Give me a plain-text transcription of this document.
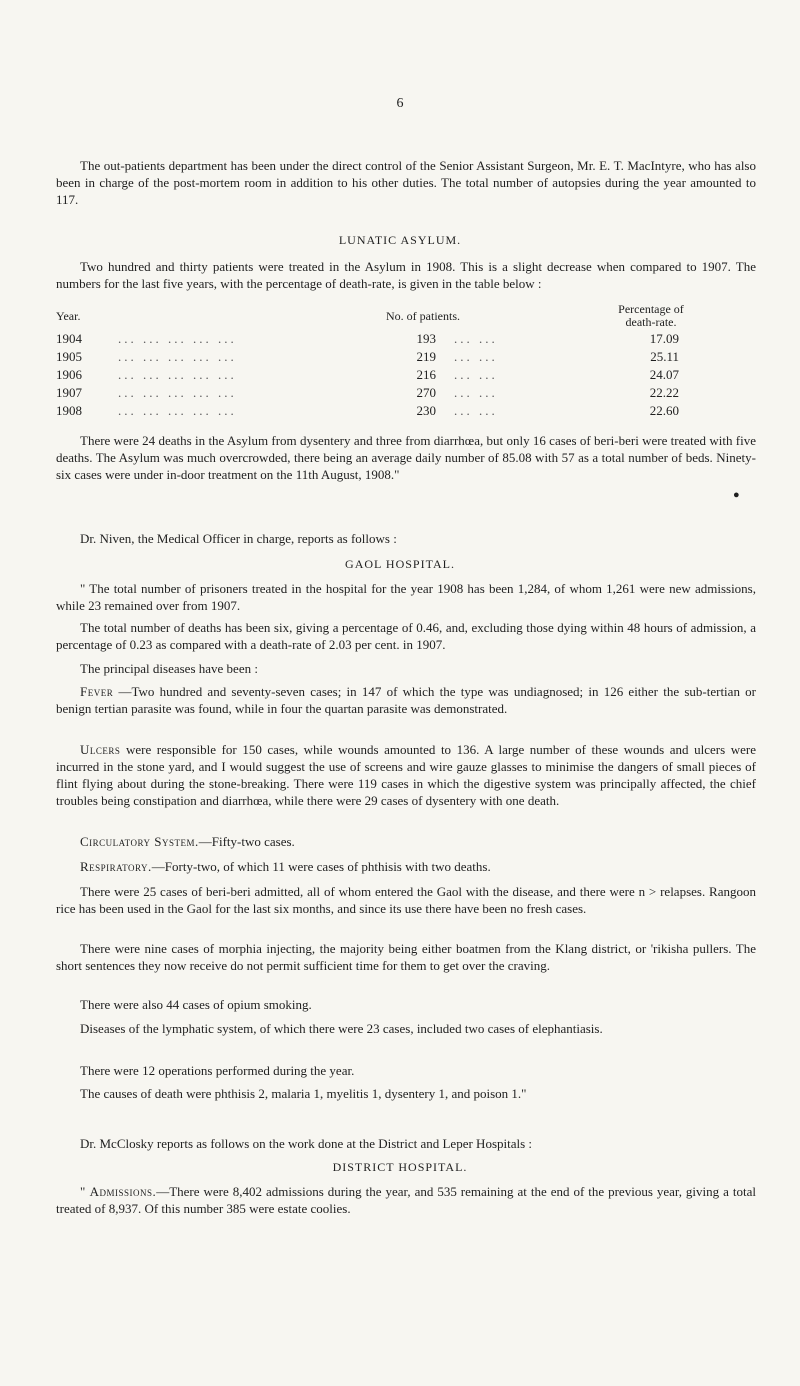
6
The out-patients department has been under the direct control of the Senior Assistant Surgeon, Mr. E. T. MacIntyre, who has also been in charge of the post-mortem room in addition to his other duties. The total number of autopsies during the year amounted to 117.
LUNATIC ASYLUM.
Two hundred and thirty patients were treated in the Asylum in 1908. This is a slight decrease when compared to 1907. The numbers for the last five years, with the percentage of death-rate, is given in the table below :
Year.	No. of patients.	Percentage of
death-rate.
1904	... ... ... ... ...	193 ... ...	17.09
1905	... ... ... ... ...	219 ... ...	25.11
1906	... ... ... ... ...	216 ... ...	24.07
1907	... ... ... ... ...	270 ... ...	22.22
1908	... ... ... ... ...	230 ... ...	22.60
There were 24 deaths in the Asylum from dysentery and three from diarrhœa, but only 16 cases of beri-beri were treated with five deaths. The Asylum was much overcrowded, there being an average daily number of 85.08 with 57 as a total number of beds. Ninety-six cases were under in-door treatment on the 11th August, 1908."
Dr. Niven, the Medical Officer in charge, reports as follows :
●
GAOL HOSPITAL.
" The total number of prisoners treated in the hospital for the year 1908 has been 1,284, of whom 1,261 were new admissions, while 23 remained over from 1907.
The total number of deaths has been six, giving a percentage of 0.46, and, excluding those dying within 48 hours of admission, a percentage of 0.23 as compared with a death-rate of 2.03 per cent. in 1907.
The principal diseases have been :
Fever —Two hundred and seventy-seven cases; in 147 of which the type was undiagnosed; in 126 either the sub-tertian or benign tertian parasite was found, while in four the quartan parasite was demonstrated.
Ulcers were responsible for 150 cases, while wounds amounted to 136. A large number of these wounds and ulcers were incurred in the stone yard, and I would suggest the use of screens and wire gauze glasses to minimise the dangers of small pieces of flint flying about during the stone-breaking. There were 119 cases in which the digestive system was principally affected, the chief troubles being constipation and diarrhœa, while there were 29 cases of dysentery with one death.
Circulatory System.—Fifty-two cases.
Respiratory.—Forty-two, of which 11 were cases of phthisis with two deaths.
There were 25 cases of beri-beri admitted, all of whom entered the Gaol with the disease, and there were n > relapses. Rangoon rice has been used in the Gaol for the last six months, and since its use there have been no fresh cases.
There were nine cases of morphia injecting, the majority being either boatmen from the Klang district, or 'rikisha pullers. The short sentences they now receive do not permit sufficient time for them to get over the craving.
There were also 44 cases of opium smoking.
Diseases of the lymphatic system, of which there were 23 cases, included two cases of elephantiasis.
There were 12 operations performed during the year.
The causes of death were phthisis 2, malaria 1, myelitis 1, dysentery 1, and poison 1."
Dr. McClosky reports as follows on the work done at the District and Leper Hospitals :
DISTRICT HOSPITAL.
" Admissions.—There were 8,402 admissions during the year, and 535 remaining at the end of the previous year, giving a total treated of 8,937. Of this number 385 were estate coolies.
